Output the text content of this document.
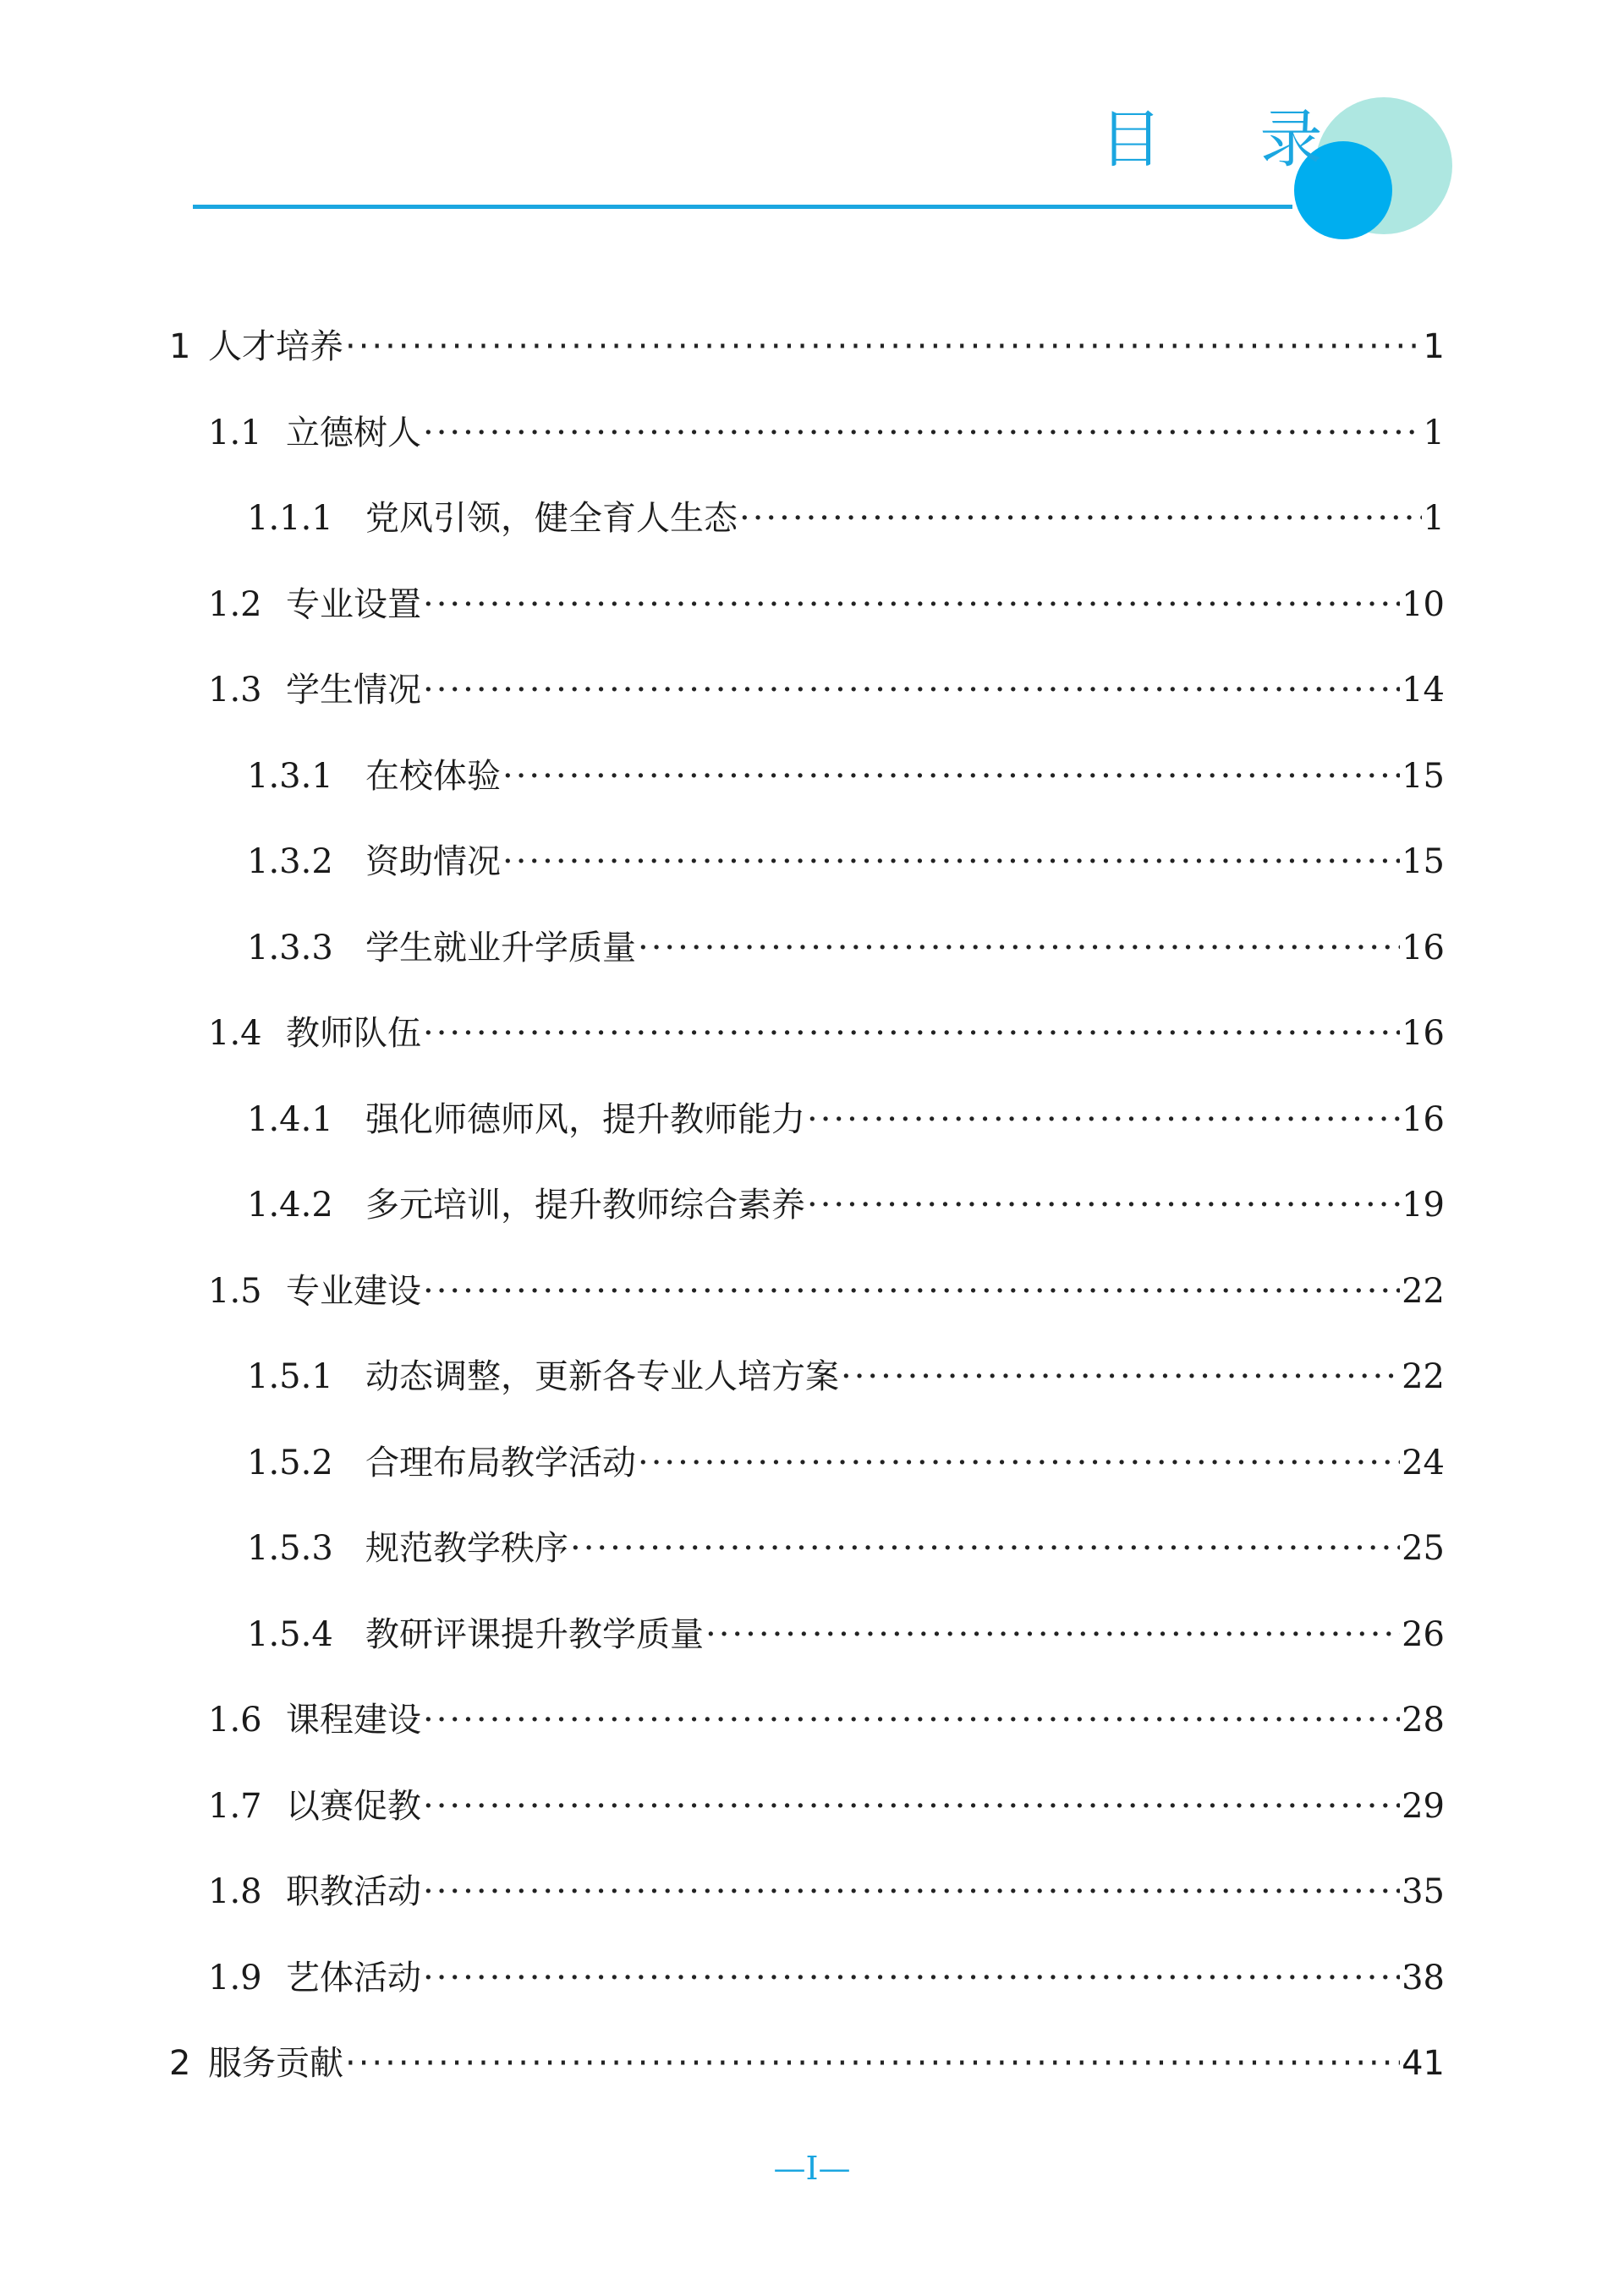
目 录
1 人才培养 ·····	1
1.1 立德树人 ·····	1
1.1.1 党风引领，健全育人生态 ·····	1
1.2 专业设置 ·····	10
1.3 学生情况 ·····	14
1.3.1 在校体验 ·····	15
1.3.2 资助情况 ·····	15
1.3.3 学生就业升学质量 ·····	16
1.4 教师队伍 ·····	16
1.4.1 强化师德师风，提升教师能力 ·····	16
1.4.2 多元培训，提升教师综合素养 ·····	19
1.5 专业建设 ·····	22
1.5.1 动态调整，更新各专业人培方案 ·····	22
1.5.2 合理布局教学活动 ·····	24
1.5.3 规范教学秩序 ·····	25
1.5.4 教研评课提升教学质量 ·····	26
1.6 课程建设 ·····	28
1.7 以赛促教 ·····	29
1.8 职教活动 ·····	35
1.9 艺体活动 ·····	38
2 服务贡献 ·····	41
—I—
